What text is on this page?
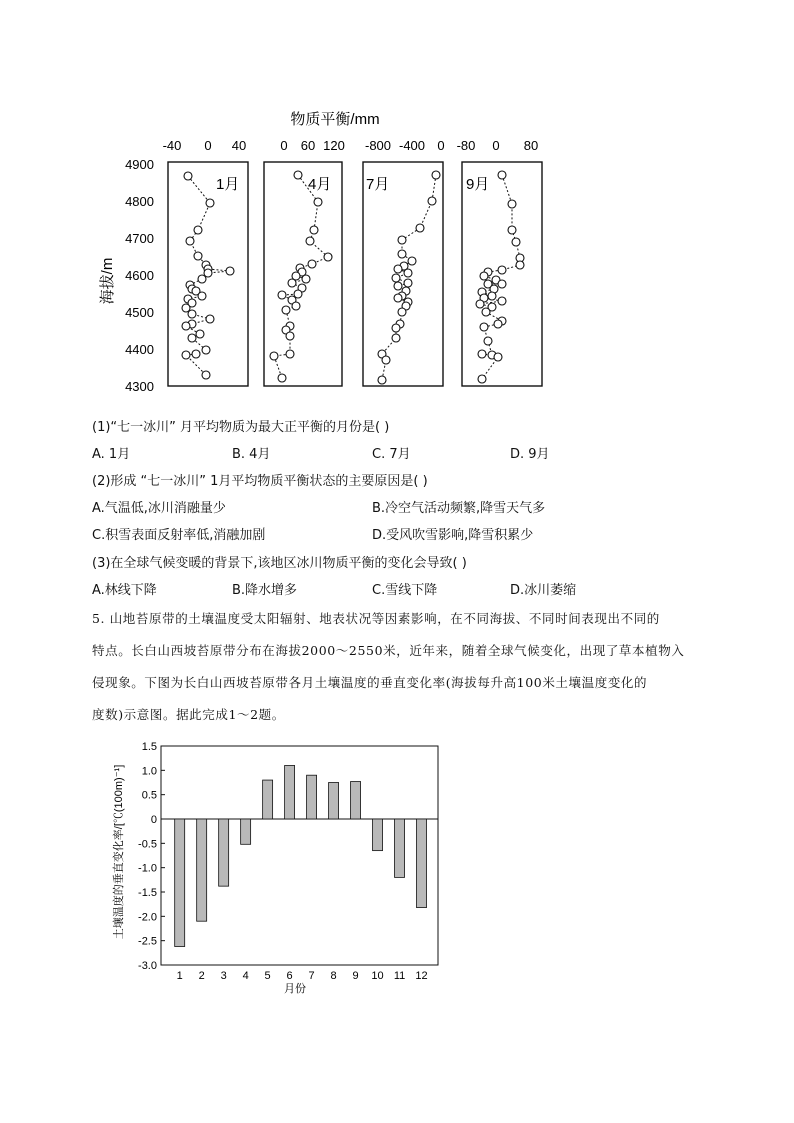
物质平衡/mm
-40 0 40	0 60 120 -800 -400 0 -80 0 80
海拔/m
4900
4800
4700
4600
4500
4400
4300
1月	4月 7月	9月
(1)“七一冰川” 月平均物质为最大正平衡的月份是( )
A. 1月	B. 4月	C. 7月	D. 9月
(2)形成 “七一冰川” 1月平均物质平衡状态的主要原因是( )
A.气温低,冰川消融量少	B.冷空气活动频繁,降雪天气多
C.积雪表面反射率低,消融加剧	D.受风吹雪影响,降雪积累少
(3)在全球气候变暖的背景下,该地区冰川物质平衡的变化会导致( )
A.林线下降	B.降水增多	C.雪线下降	D.冰川萎缩
5. 山地苔原带的土壤温度受太阳辐射、地表状况等因素影响，在不同海拔、不同时间表现出不同的
特点。长白山西坡苔原带分布在海拔2000～2550米，近年来，随着全球气候变化，出现了草本植物入
侵现象。下图为长白山西坡苔原带各月土壤温度的垂直变化率(海拔每升高100米土壤温度变化的
度数)示意图。据此完成1～2题。
土壤温度的垂直变化率/[℃(100m)⁻¹]
1.5
1.0
0.5
0
-0.5
-1.0
-1.5
-2.0
-2.5
-3.0
1 2 3 4 5 6 7 8 9 10 11 12
月份
